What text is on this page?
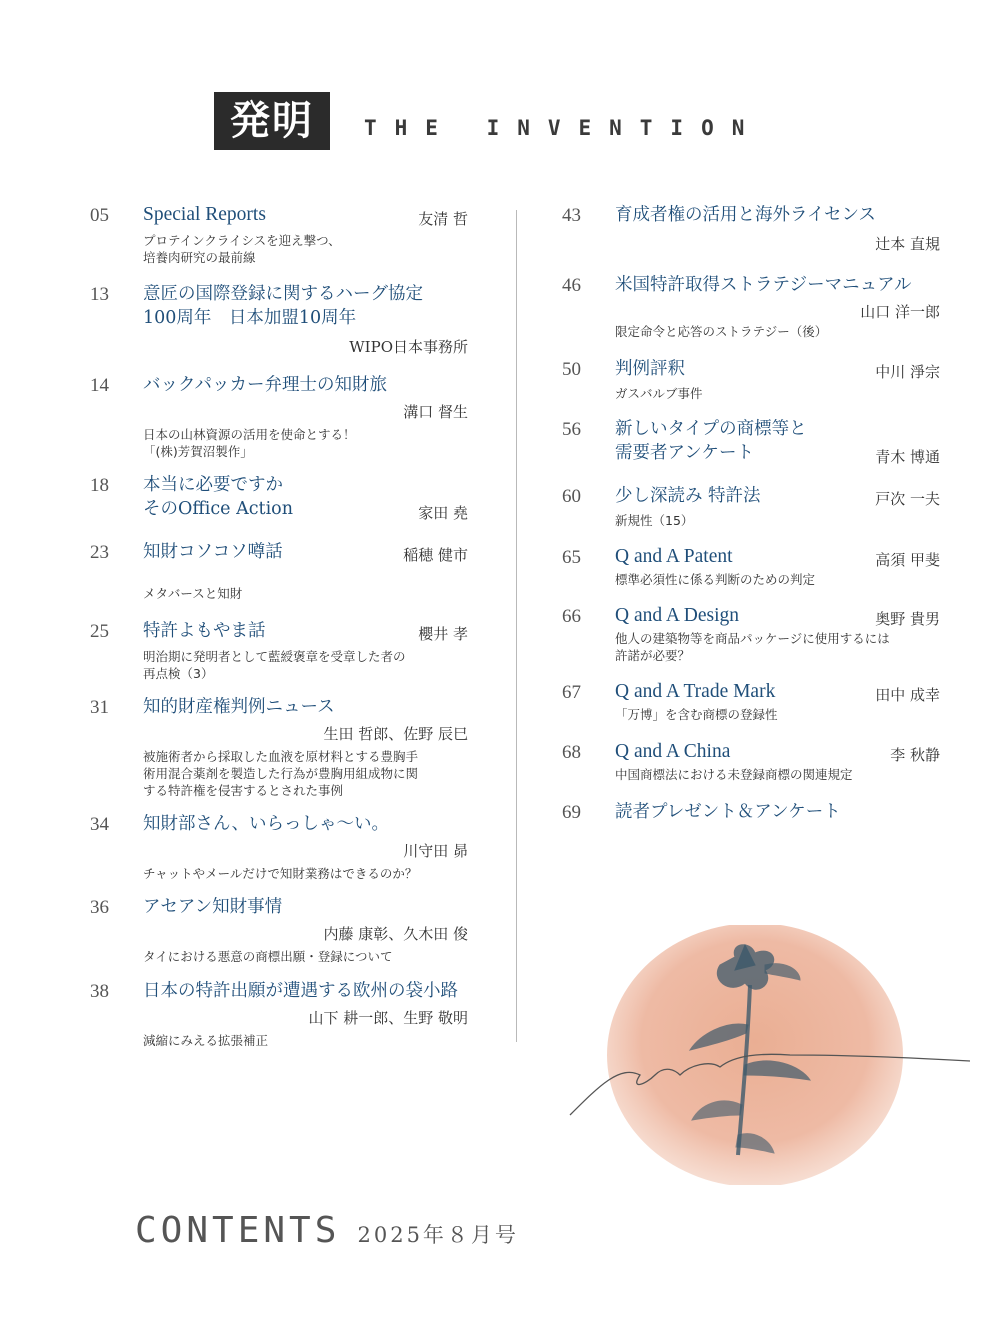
発明	THE INVENTION
05	Special Reports	友清 哲
プロテインクライシスを迎え撃つ、
培養肉研究の最前線
13	意匠の国際登録に関するハーグ協定
100周年　日本加盟10周年
WIPO日本事務所
14	バックパッカー弁理士の知財旅
溝口 督生
日本の山林資源の活用を使命とする！
「(株)芳賀沼製作」
18	本当に必要ですか
そのOffice Action	家田 堯
23	知財コソコソ噂話	稲穂 健市
メタバースと知財
25	特許よもやま話	櫻井 孝
明治期に発明者として藍綬褒章を受章した者の
再点検（3）
31	知的財産権判例ニュース
生田 哲郎、佐野 辰巳
被施術者から採取した血液を原材料とする豊胸手
術用混合薬剤を製造した行為が豊胸用組成物に関
する特許権を侵害するとされた事例
34	知財部さん、いらっしゃ～い。
川守田 昴
チャットやメールだけで知財業務はできるのか？
36	アセアン知財事情
内藤 康彰、久木田 俊
タイにおける悪意の商標出願・登録について
38	日本の特許出願が遭遇する欧州の袋小路
山下 耕一郎、生野 敬明
減縮にみえる拡張補正
43	育成者権の活用と海外ライセンス
辻本 直規
46	米国特許取得ストラテジーマニュアル
山口 洋一郎
限定命令と応答のストラテジー（後）
50	判例評釈	中川 淨宗
ガスバルブ事件
56	新しいタイプの商標等と
需要者アンケート	青木 博通
60	少し深読み 特許法	戸次 一夫
新規性（15）
65	Q and A Patent	高須 甲斐
標準必須性に係る判断のための判定
66	Q and A Design	奥野 貴男
他人の建築物等を商品パッケージに使用するには
許諾が必要？
67	Q and A Trade Mark	田中 成幸
「万博」を含む商標の登録性
68	Q and A China	李 秋静
中国商標法における未登録商標の関連規定
69	読者プレゼント＆アンケート
CONTENTS 2025年８月号
